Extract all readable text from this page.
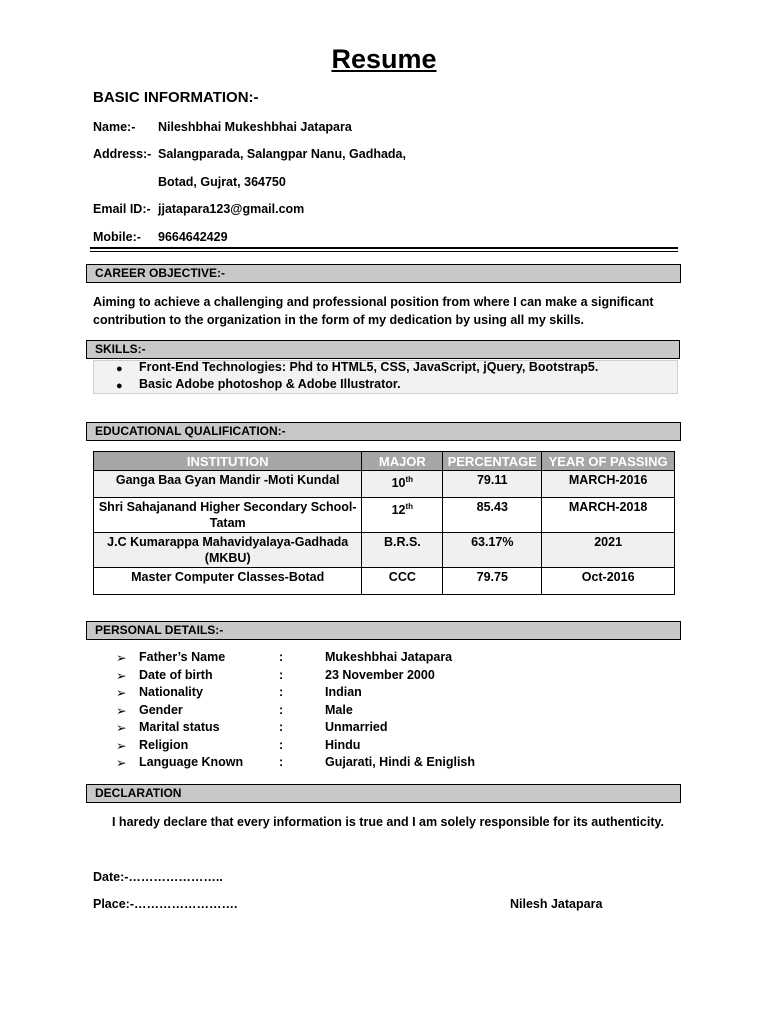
Resume
BASIC INFORMATION:-
Name:- Nileshbhai Mukeshbhai Jatapara
Address:- Salangparada, Salangpar Nanu, Gadhada,
Botad, Gujrat, 364750
Email ID:- jjatapara123@gmail.com
Mobile:- 9664642429
CAREER OBJECTIVE:-
Aiming to achieve a challenging and professional position from where I can make a significant
contribution to the organization in the form of my dedication by using all my skills.
SKILLS:-
● Front-End Technologies: Phd to HTML5, CSS, JavaScript, jQuery, Bootstrap5.
● Basic Adobe photoshop & Adobe Illustrator.
EDUCATIONAL QUALIFICATION:-
INSTITUTION	MAJOR	PERCENTAGE	YEAR OF PASSING
Ganga Baa Gyan Mandir -Moti Kundal	10th	79.11	MARCH-2016
Shri Sahajanand Higher Secondary School-
Tatam	12th	85.43	MARCH-2018
J.C Kumarappa Mahavidyalaya-Gadhada
(MKBU)	B.R.S.	63.17%	2021
Master Computer Classes-Botad	CCC	79.75	Oct-2016
PERSONAL DETAILS:-
➢ Father’s Name	:	Mukeshbhai Jatapara
➢ Date of birth	:	23 November 2000
➢ Nationality	:	Indian
➢ Gender	:	Male
➢ Marital status	:	Unmarried
➢ Religion	:	Hindu
➢ Language Known	:	Gujarati, Hindi & Eniglish
DECLARATION
I haredy declare that every information is true and I am solely responsible for its authenticity.
Date:-…………………..
Place:-…………………….	Nilesh Jatapara
